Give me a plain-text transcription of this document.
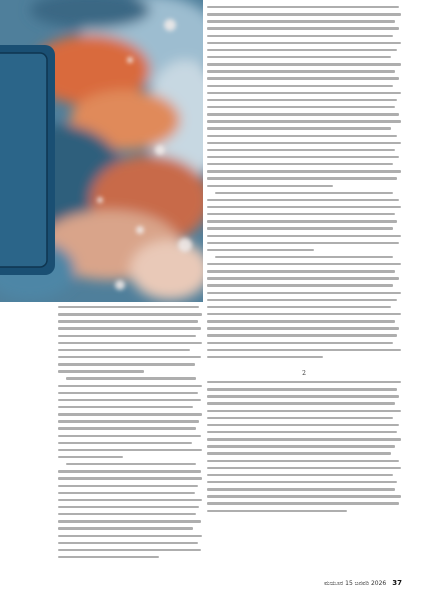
2
ಮಯೂರ 15 ಜನವರಿ 2026 37
